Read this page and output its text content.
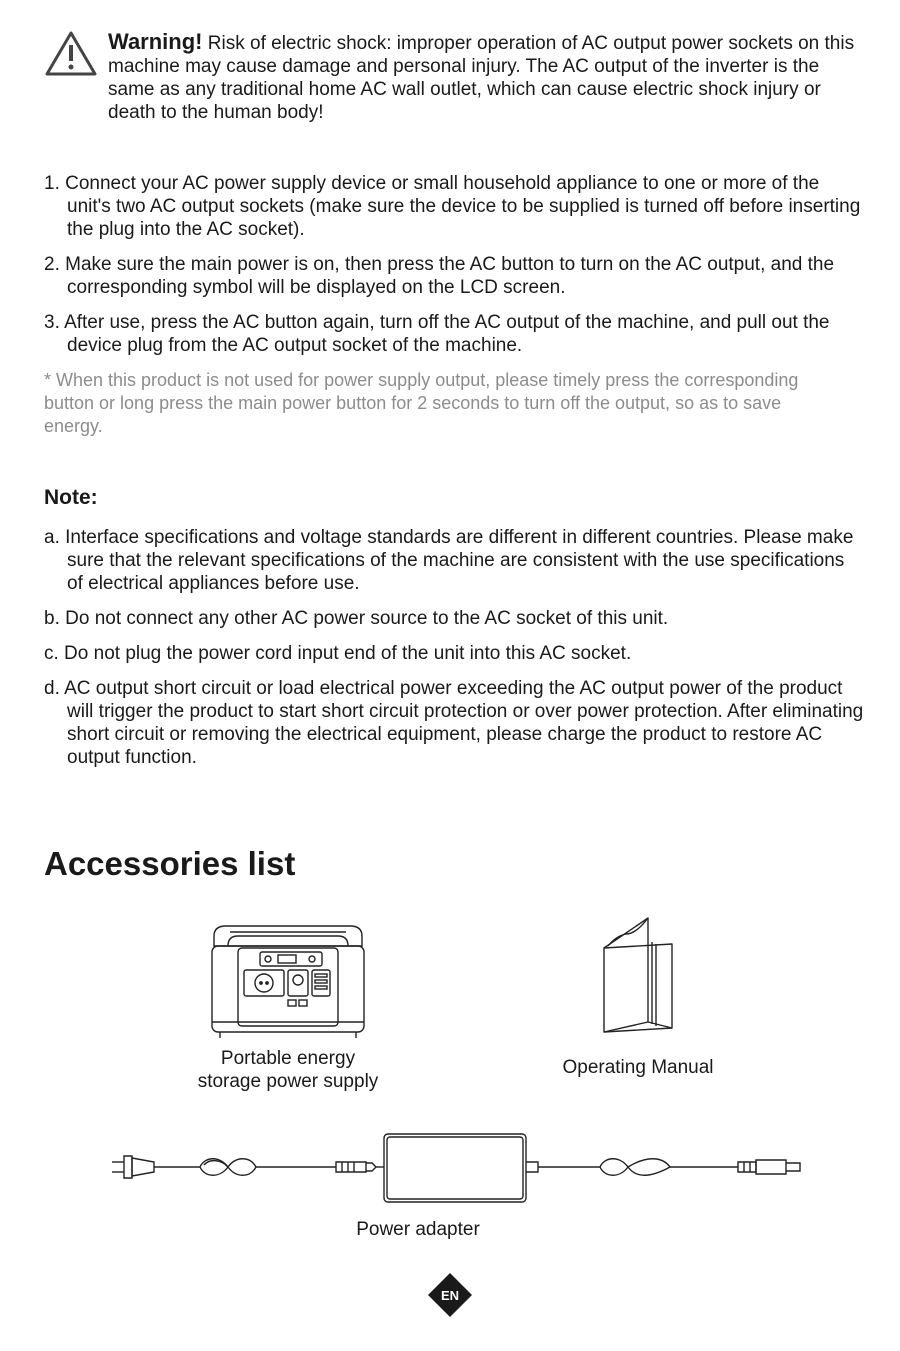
Warning! Risk of electric shock: improper operation of AC output power sockets on this machine may cause damage and personal injury. The AC output of the inverter is the same as any traditional home AC wall outlet, which can cause electric shock injury or death to the human body!

1. Connect your AC power supply device or small household appliance to one or more of the unit's two AC output sockets (make sure the device to be supplied is turned off before inserting the plug into the AC socket).

2. Make sure the main power is on, then press the AC button to turn on the AC output, and the corresponding symbol will be displayed on the LCD screen.

3. After use, press the AC button again, turn off the AC output of the machine, and pull out the device plug from the AC output socket of the machine.

* When this product is not used for power supply output, please timely press the corresponding button or long press the main power button for 2 seconds to turn off the output, so as to save energy.
Note:

a. Interface specifications and voltage standards are different in different countries. Please make sure that the relevant specifications of the machine are consistent with the use specifications of electrical appliances before use.

b. Do not connect any other AC power source to the AC socket of this unit.

c. Do not plug the power cord input end of the unit into this AC socket.

d. AC output short circuit or load electrical power exceeding the AC output power of the product will trigger the product to start short circuit protection or over power protection. After eliminating short circuit or removing the electrical equipment, please charge the product to restore AC output function.

Accessories list
Portable energy
storage power supply
Operating Manual
Power adapter
EN
